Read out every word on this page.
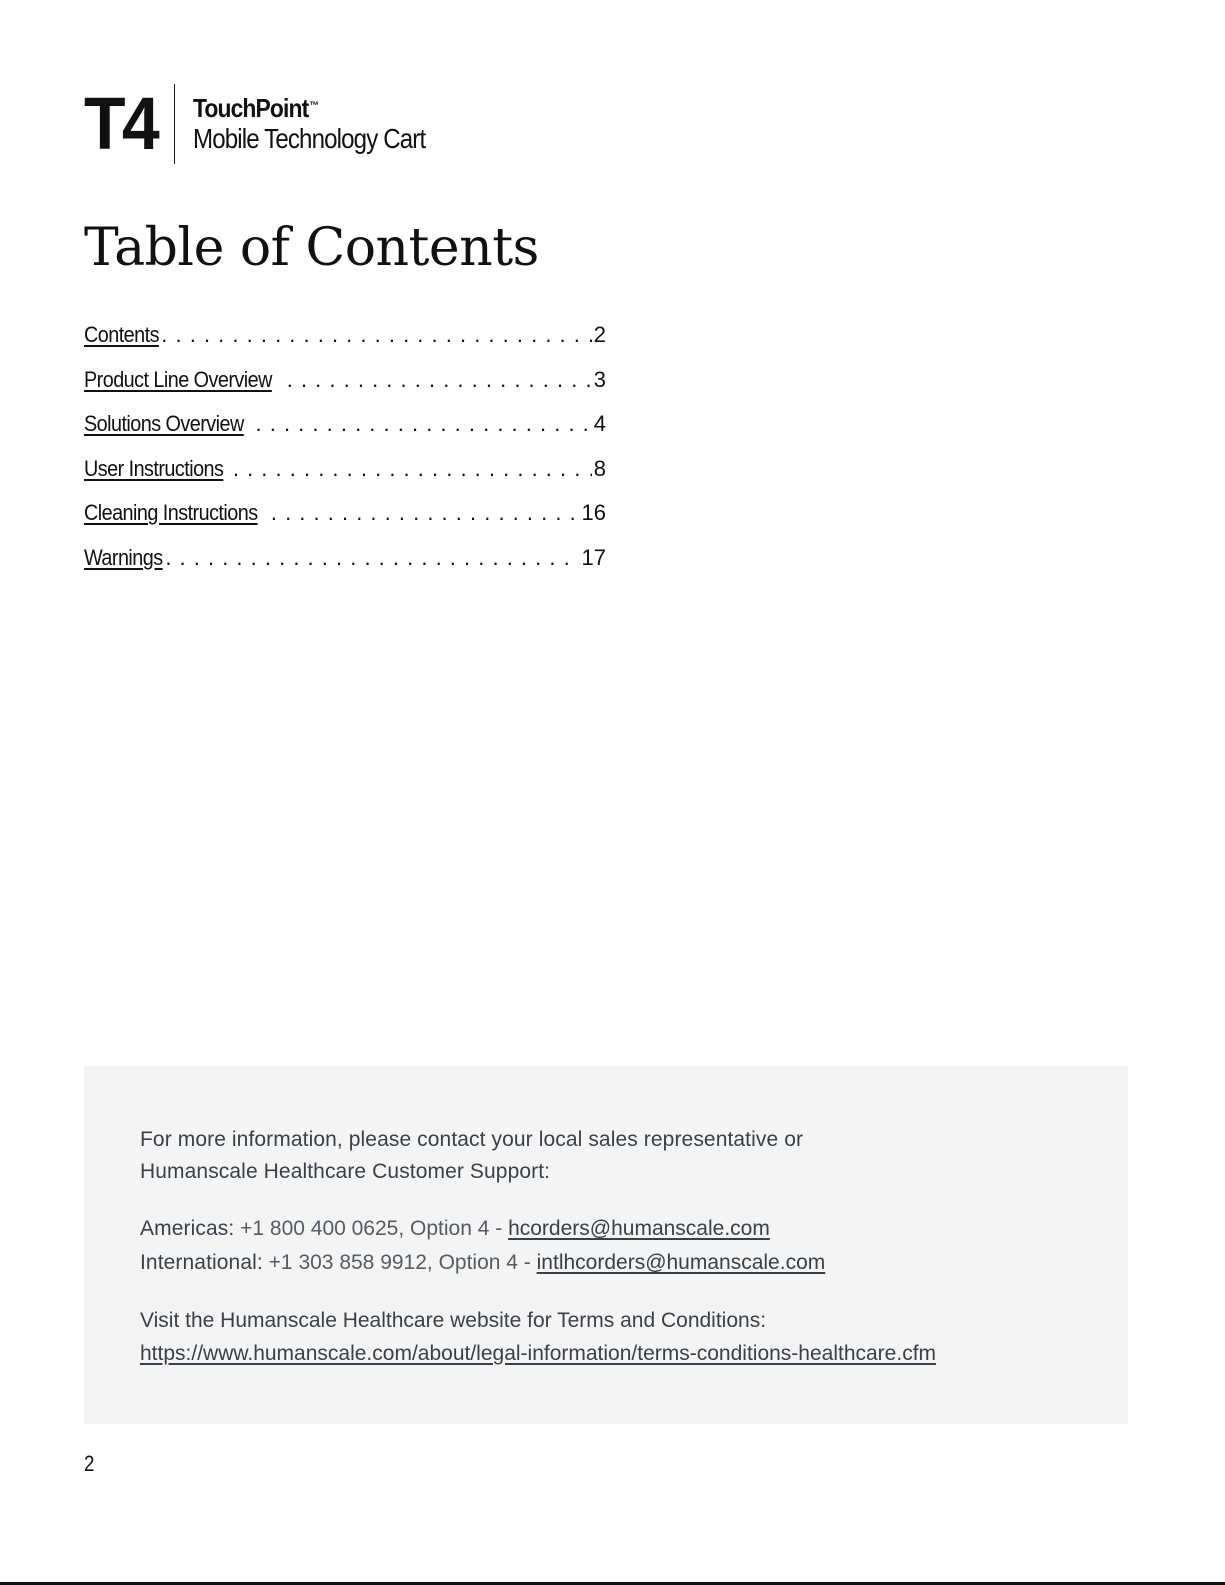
T4 TouchPoint™
Mobile Technology Cart
Table of Contents
Contents . . .	2
Product Line Overview . . .	3
Solutions Overview . . .	4
User Instructions . . .	8
Cleaning Instructions . . .	16
Warnings . . .	17

For more information, please contact your local sales representative or

Humanscale Healthcare Customer Support:

Americas: +1 800 400 0625, Option 4 - hcorders@humanscale.com

International: +1 303 858 9912, Option 4 - intlhcorders@humanscale.com

Visit the Humanscale Healthcare website for Terms and Conditions:

https://www.humanscale.com/about/legal-information/terms-conditions-healthcare.cfm

2
